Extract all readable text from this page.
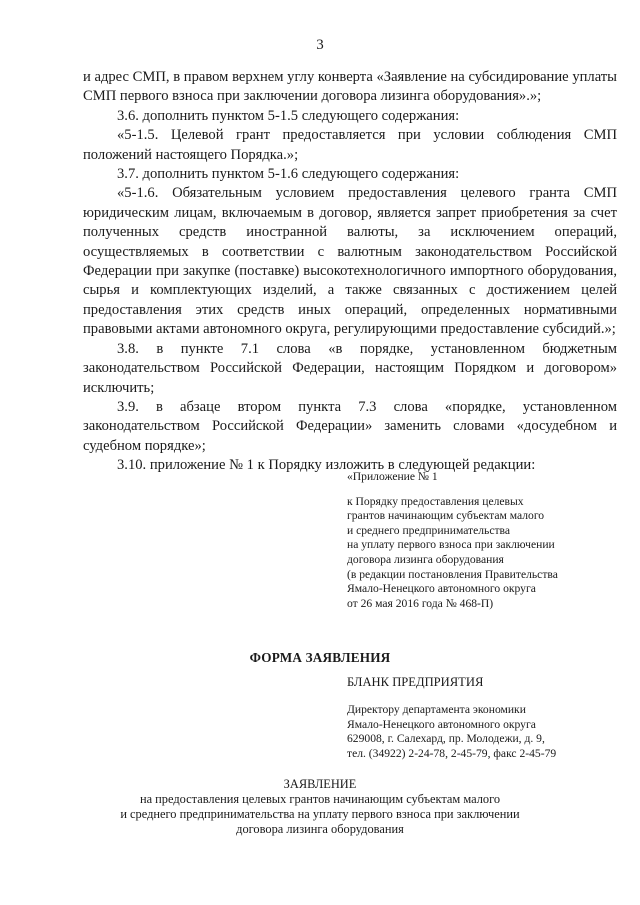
3

и адрес СМП, в правом верхнем углу конверта «Заявление на субсидирование уплаты СМП первого взноса при заключении договора лизинга оборудования».»;

3.6. дополнить пунктом 5-1.5 следующего содержания:

«5-1.5. Целевой грант предоставляется при условии соблюдения СМП положений настоящего Порядка.»;

3.7. дополнить пунктом 5-1.6 следующего содержания:

«5-1.6. Обязательным условием предоставления целевого гранта СМП юридическим лицам, включаемым в договор, является запрет приобретения за счет полученных средств иностранной валюты, за исключением операций, осуществляемых в соответствии с валютным законодательством Российской Федерации при закупке (поставке) высокотехнологичного импортного оборудования, сырья и комплектующих изделий, а также связанных с достижением целей предоставления этих средств иных операций, определенных нормативными правовыми актами автономного округа, регулирующими предоставление субсидий.»;

3.8. в пункте 7.1 слова «в порядке, установленном бюджетным законодательством Российской Федерации, настоящим Порядком и договором» исключить;

3.9. в абзаце втором пункта 7.3 слова «порядке, установленном законодательством Российской Федерации» заменить словами «досудебном и судебном порядке»;

3.10. приложение № 1 к Порядку изложить в следующей редакции:

«Приложение № 1
к Порядку предоставления целевых
грантов начинающим субъектам малого
и среднего предпринимательства
на уплату первого взноса при заключении
договора лизинга оборудования
(в редакции постановления Правительства
Ямало-Ненецкого автономного округа
от 26 мая 2016 года № 468-П)
ФОРМА ЗАЯВЛЕНИЯ
БЛАНК ПРЕДПРИЯТИЯ
Директору департамента экономики
Ямало-Ненецкого автономного округа
629008, г. Салехард, пр. Молодежи, д. 9,
тел. (34922) 2-24-78, 2-45-79, факс 2-45-79
ЗАЯВЛЕНИЕ
на предоставления целевых грантов начинающим субъектам малого
и среднего предпринимательства на уплату первого взноса при заключении
договора лизинга оборудования
